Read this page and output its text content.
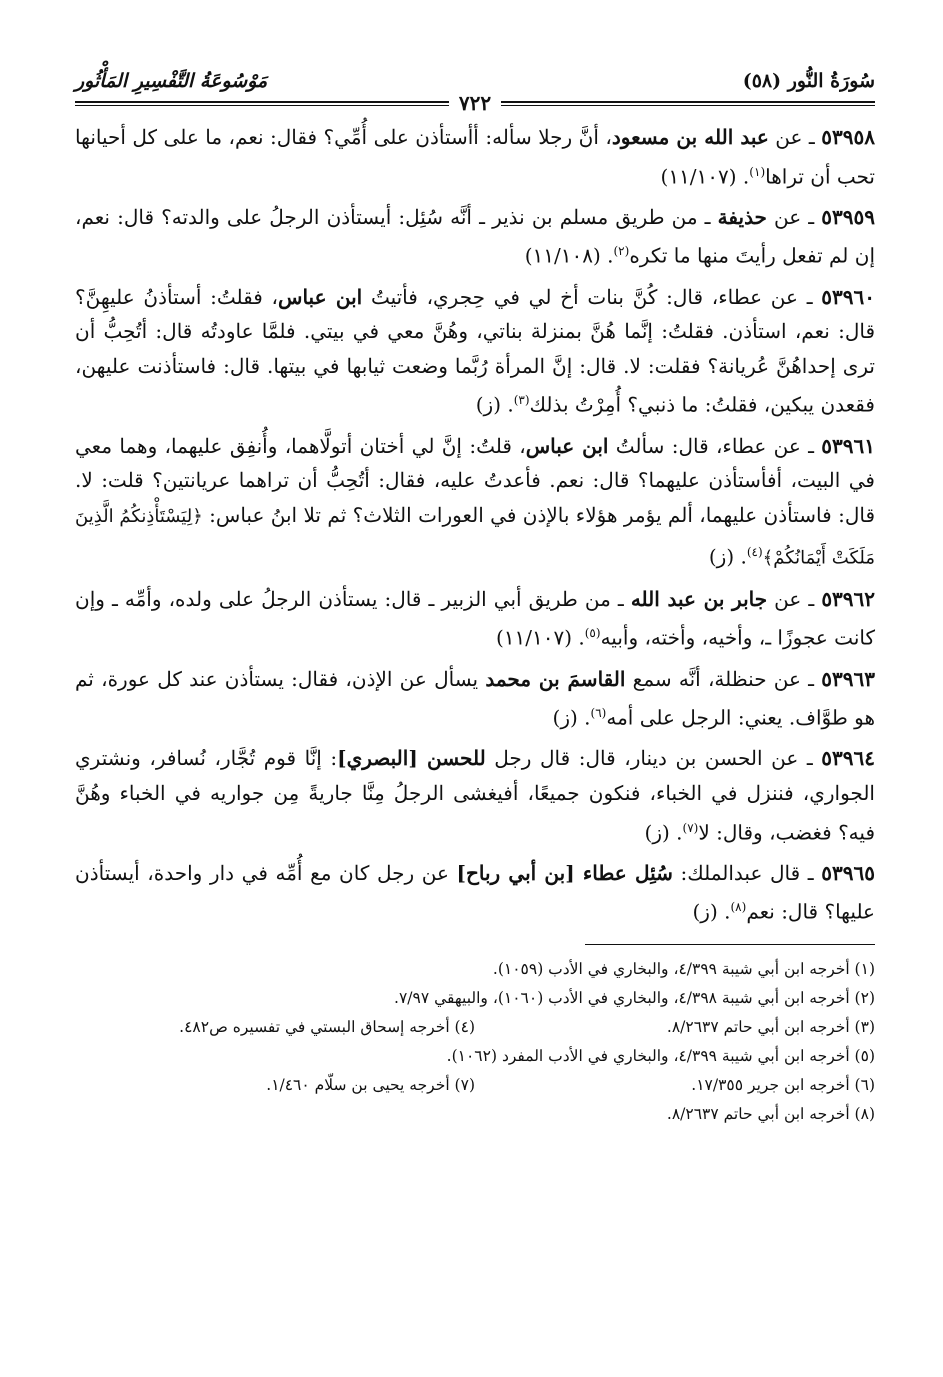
سُورَةُ النُّور (٥٨)
مَوْسُوعَةُ التَّفْسِيرِ المَأْثُور
٧٢٢

٥٣٩٥٨ ـ عن عبد الله بن مسعود، أنَّ رجلا سأله: أأستأذن على أُمِّي؟ فقال: نعم، ما على كل أحيانها تحب أن تراها$^{(١)}$. (١١/١٠٧)

٥٣٩٥٩ ـ عن حذيفة ـ من طريق مسلم بن نذير ـ أنَّه سُئِل: أيستأذن الرجلُ على والدته؟ قال: نعم، إن لم تفعل رأيتَ منها ما تكره$^{(٢)}$. (١١/١٠٨)

٥٣٩٦٠ ـ عن عطاء، قال: كُنَّ بنات أخ لي في حِجري، فأتيتُ ابن عباس، فقلتُ: أستأذنُ عليهِنَّ؟ قال: نعم، استأذن. فقلتُ: إنَّما هُنَّ بمنزلة بناتي، وهُنَّ معي في بيتي. فلمَّا عاودتُه قال: أتُحِبُّ أن ترى إحداهُنَّ عُريانة؟ فقلت: لا. قال: إنَّ المرأة رُبَّما وضعت ثيابها في بيتها. قال: فاستأذنت عليهن، فقعدن يبكين، فقلتُ: ما ذنبي؟ أُمِرْتُ بذلك$^{(٣)}$. (ز)

٥٣٩٦١ ـ عن عطاء، قال: سألتُ ابن عباس، قلتُ: إنَّ لي أختان أتولَّاهما، وأُنفِق عليهما، وهما معي في البيت، أفأستأذن عليهما؟ قال: نعم. فأعدتُ عليه، فقال: أتُحِبُّ أن تراهما عريانتين؟ قلت: لا. قال: فاستأذن عليهما، ألم يؤمر هؤلاء بالإذن في العورات الثلاث؟ ثم تلا ابنُ عباس: ﴿لِيَسْتَأْذِنكُمُ الَّذِينَ مَلَكَتْ أَيْمَانُكُمْ﴾$^{(٤)}$. (ز)

٥٣٩٦٢ ـ عن جابر بن عبد الله ـ من طريق أبي الزبير ـ قال: يستأذن الرجلُ على ولده، وأمِّه ـ وإن كانت عجوزًا ـ، وأخيه، وأخته، وأبيه$^{(٥)}$. (١١/١٠٧)

٥٣٩٦٣ ـ عن حنظلة، أنَّه سمع القاسمَ بن محمد يسأل عن الإذن، فقال: يستأذن عند كل عورة، ثم هو طوَّاف. يعني: الرجل على أمه$^{(٦)}$. (ز)

٥٣٩٦٤ ـ عن الحسن بن دينار، قال: قال رجل للحسن [البصري]: إنَّا قوم تُجَّار، نُسافر، ونشتري الجواري، فننزل في الخباء، فنكون جميعًا، أفيغشى الرجلُ مِنَّا جاريةً مِن جواريه في الخباء وهُنَّ فيه؟ فغضب، وقال: لا$^{(٧)}$. (ز)

٥٣٩٦٥ ـ قال عبدالملك: سُئِل عطاء [بن أبي رباح] عن رجل كان مع أُمِّه في دار واحدة، أيستأذن عليها؟ قال: نعم$^{(٨)}$. (ز)

(١) أخرجه ابن أبي شيبة ٤/٣٩٩، والبخاري في الأدب (١٠٥٩).
(٢) أخرجه ابن أبي شيبة ٤/٣٩٨، والبخاري في الأدب (١٠٦٠)، والبيهقي ٧/٩٧.
(٣) أخرجه ابن أبي حاتم ٨/٢٦٣٧.
(٤) أخرجه إسحاق البستي في تفسيره ص٤٨٢.
(٥) أخرجه ابن أبي شيبة ٤/٣٩٩، والبخاري في الأدب المفرد (١٠٦٢).
(٦) أخرجه ابن جرير ١٧/٣٥٥.
(٧) أخرجه يحيى بن سلّام ١/٤٦٠.
(٨) أخرجه ابن أبي حاتم ٨/٢٦٣٧.
